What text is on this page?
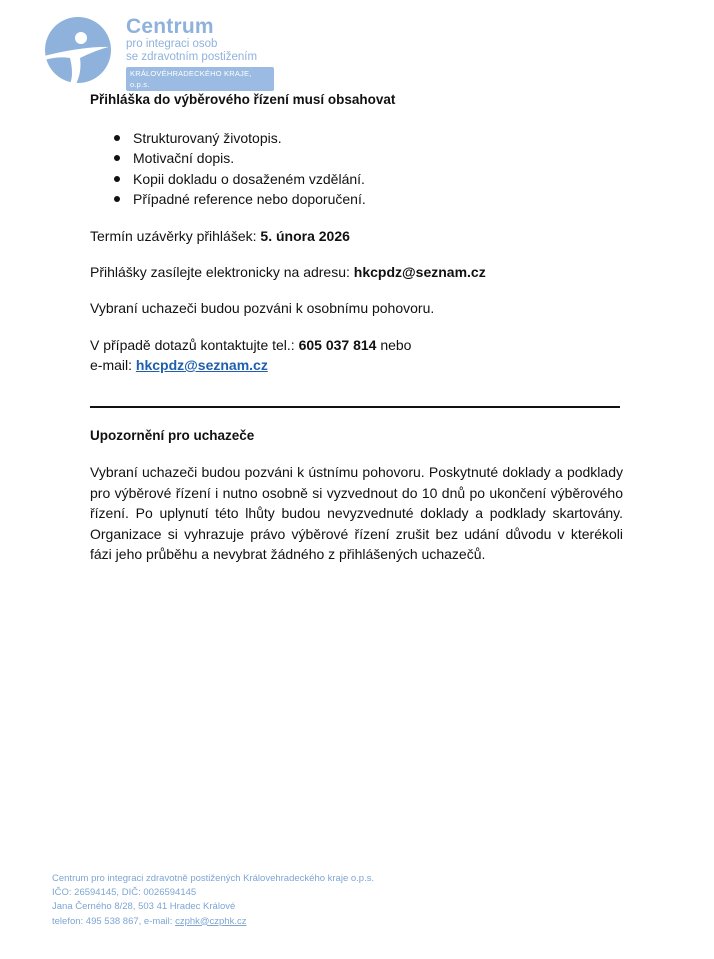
Centrum
pro integraci osob
se zdravotním postižením
KRÁLOVÉHRADECKÉHO KRAJE, o.p.s.
Přihláška do výběrového řízení musí obsahovat
Strukturovaný životopis.
Motivační dopis.
Kopii dokladu o dosaženém vzdělání.
Případné reference nebo doporučení.

Termín uzávěrky přihlášek: 5. února 2026

Přihlášky zasílejte elektronicky na adresu: hkcpdz@seznam.cz

Vybraní uchazeči budou pozváni k osobnímu pohovoru.

V případě dotazů kontaktujte tel.: 605 037 814 nebo
e-mail: hkcpdz@seznam.cz

Upozornění pro uchazeče

Vybraní uchazeči budou pozváni k ústnímu pohovoru. Poskytnuté doklady a podklady pro výběrové řízení i nutno osobně si vyzvednout do 10 dnů po ukončení výběrového řízení. Po uplynutí této lhůty budou nevyzvednuté doklady a podklady skartovány. Organizace si vyhrazuje právo výběrové řízení zrušit bez udání důvodu v kterékoli fázi jeho průběhu a nevybrat žádného z přihlášených uchazečů.

Centrum pro integraci zdravotně postižených Královehradeckého kraje o.p.s.
IČO: 26594145, DIČ: 0026594145
Jana Černého 8/28, 503 41 Hradec Králové
telefon: 495 538 867, e-mail: czphk@czphk.cz
